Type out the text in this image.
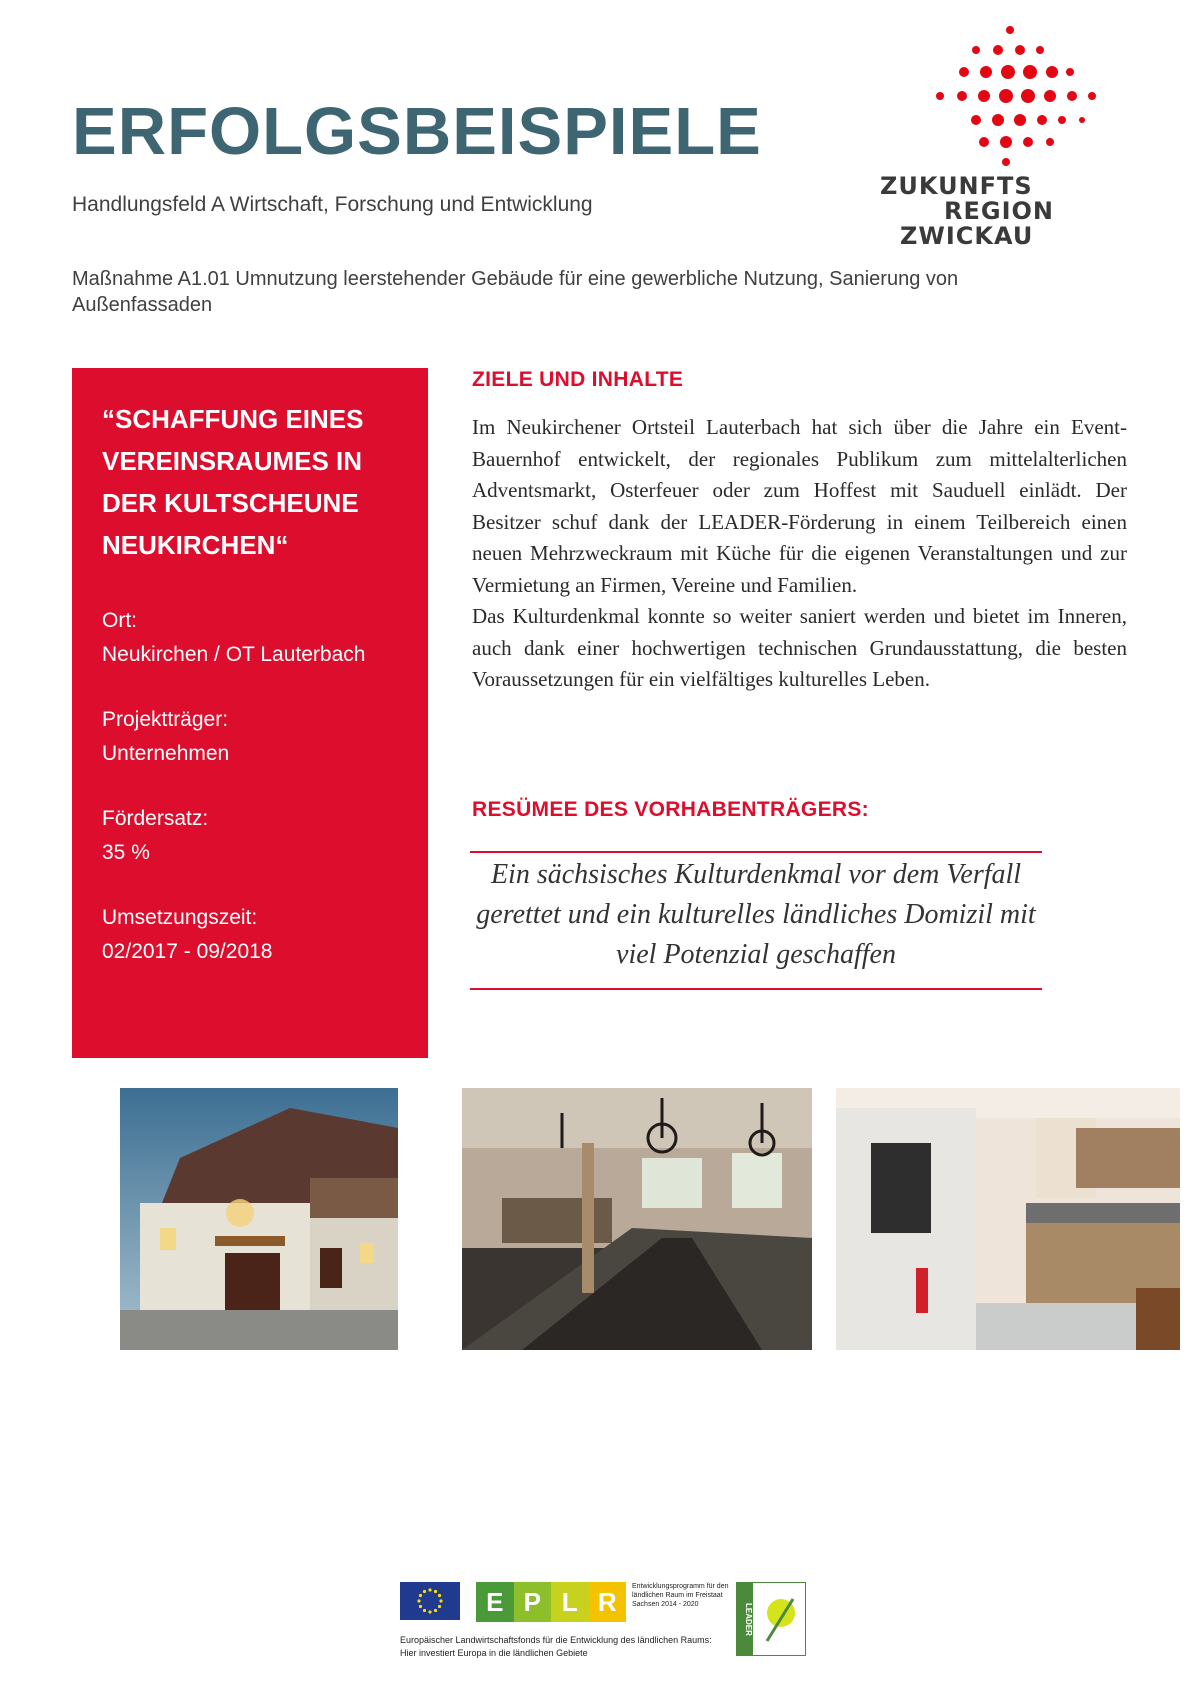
ERFOLGSBEISPIELE
Handlungsfeld A Wirtschaft, Forschung und Entwicklung
Maßnahme A1.01 Umnutzung leerstehender Gebäude für eine gewerbliche Nutzung, Sanierung von Außenfassaden
ZUKUNFTS
REGION
ZWICKAU
“SCHAFFUNG EINES VEREINSRAUMES IN DER KULTSCHEUNE NEUKIRCHEN“
Ort:
Neukirchen / OT Lauterbach
Projektträger:
Unternehmen
Fördersatz:
35 %
Umsetzungszeit:
02/2017 - 09/2018
ZIELE UND INHALTE

Im Neukirchener Ortsteil Lauterbach hat sich über die Jahre ein Event-Bauernhof entwickelt, der regionales Publikum zum mittelalterlichen Adventsmarkt, Osterfeuer oder zum Hoffest mit Sauduell einlädt. Der Besitzer schuf dank der LEADER-Förderung in einem Teilbereich einen neuen Mehrzweckraum mit Küche für die eigenen Veranstaltungen und zur Vermietung an Firmen, Vereine und Familien.

Das Kulturdenkmal konnte so weiter saniert werden und bietet im Inneren, auch dank einer hochwertigen technischen Grundausstattung, die besten Voraussetzungen für ein vielfältiges kulturelles Leben.

RESÜMEE DES VORHABENTRÄGERS:
Ein sächsisches Kulturdenkmal vor dem Verfall gerettet und ein kulturelles ländliches Domizil mit viel Potenzial geschaffen
E P L R
Entwicklungsprogramm für den ländlichen Raum im Freistaat Sachsen 2014 - 2020
Europäischer Landwirtschaftsfonds für die Entwicklung des ländlichen Raums: Hier investiert Europa in die ländlichen Gebiete
LEADER
